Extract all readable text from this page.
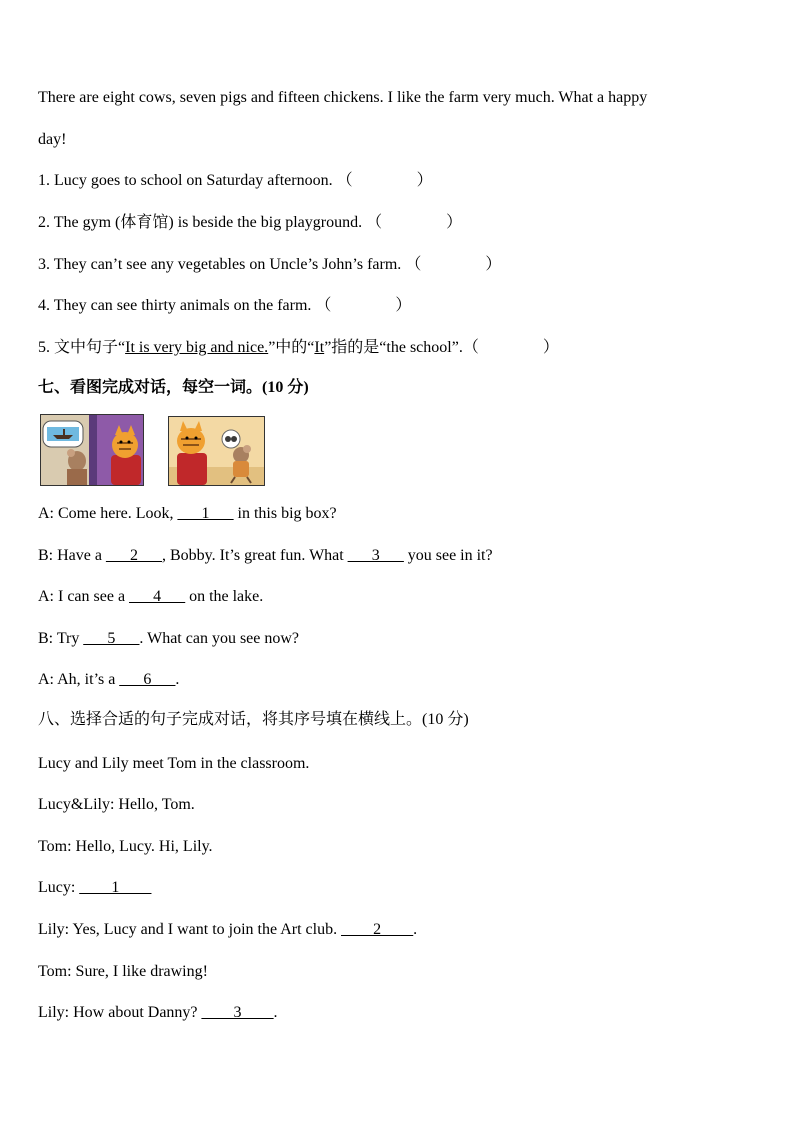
There are eight cows, seven pigs and fifteen chickens. I like the farm very much. What a happy
day!
1. Lucy goes to school on Saturday afternoon. （　　　　）
2. The gym (体育馆) is beside the big playground. （　　　　）
3. They can’t see any vegetables on Uncle’s John’s farm. （　　　　）
4. They can see thirty animals on the farm. （　　　　）
5. 文中句子“It is very big and nice.”中的“It”指的是“the school”.（　　　　）
七、看图完成对话，每空一词。(10 分)
A: Come here. Look, ___1___ in this big box?
B: Have a ___2___, Bobby. It’s great fun. What ___3___ you see in it?
A: I can see a ___4___ on the lake.
B: Try ___5___. What can you see now?
A: Ah, it’s a ___6___.
八、选择合适的句子完成对话，将其序号填在横线上。(10 分)
Lucy and Lily meet Tom in the classroom.
Lucy&Lily: Hello, Tom.
Tom: Hello, Lucy. Hi, Lily.
Lucy: ____1____
Lily: Yes, Lucy and I want to join the Art club. ____2____.
Tom: Sure, I like drawing!
Lily: How about Danny? ____3____.
